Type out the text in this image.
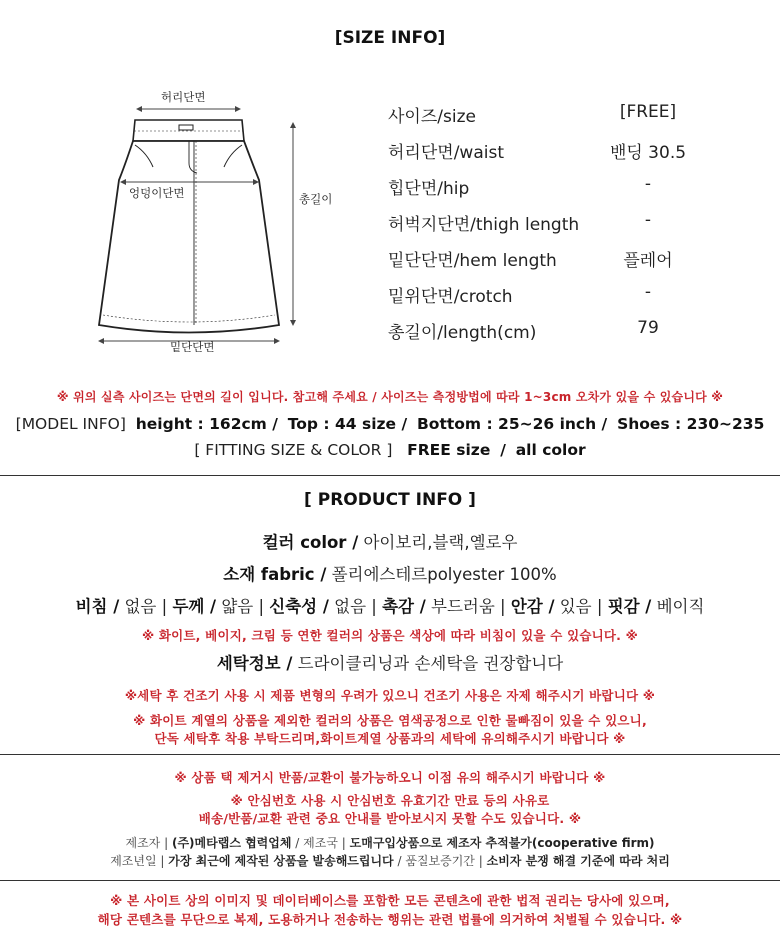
[SIZE INFO]
허리단면
엉덩이단면	총길이
밑단단면
사이즈/size	[FREE]
허리단면/waist	밴딩 30.5
힙단면/hip	-
허벅지단면/thigh length	-
밑단단면/hem length	플레어
밑위단면/crotch	-
총길이/length(cm)	79
※ 위의 실측 사이즈는 단면의 길이 입니다. 참고해 주세요 / 사이즈는 측정방법에 따라 1~3cm 오차가 있을 수 있습니다 ※
[MODEL INFO] height : 162cm / Top : 44 size / Bottom : 25~26 inch / Shoes : 230~235
[ FITTING SIZE & COLOR ] FREE size / all color
[ PRODUCT INFO ]
컬러 color / 아이보리,블랙,옐로우
소재 fabric / 폴리에스테르polyester 100%
비침 / 없음 | 두께 / 얇음 | 신축성 / 없음 | 촉감 / 부드러움 | 안감 / 있음 | 핏감 / 베이직
※ 화이트, 베이지, 크림 등 연한 컬러의 상품은 색상에 따라 비침이 있을 수 있습니다. ※
세탁정보 / 드라이클리닝과 손세탁을 권장합니다
※세탁 후 건조기 사용 시 제품 변형의 우려가 있으니 건조기 사용은 자제 해주시기 바랍니다 ※
※ 화이트 계열의 상품을 제외한 컬러의 상품은 염색공정으로 인한 물빠짐이 있을 수 있으니,
단독 세탁후 착용 부탁드리며,화이트계열 상품과의 세탁에 유의해주시기 바랍니다 ※
※ 상품 택 제거시 반품/교환이 불가능하오니 이점 유의 해주시기 바랍니다 ※
※ 안심번호 사용 시 안심번호 유효기간 만료 등의 사유로
배송/반품/교환 관련 중요 안내를 받아보시지 못할 수도 있습니다. ※
제조자 | (주)메타랩스 협력업체 / 제조국 | 도매구입상품으로 제조자 추적불가(cooperative firm)
제조년일 | 가장 최근에 제작된 상품을 발송해드립니다 / 품질보증기간 | 소비자 분쟁 해결 기준에 따라 처리
※ 본 사이트 상의 이미지 및 데이터베이스를 포함한 모든 콘텐츠에 관한 법적 권리는 당사에 있으며,
해당 콘텐츠를 무단으로 복제, 도용하거나 전송하는 행위는 관련 법률에 의거하여 처벌될 수 있습니다. ※
